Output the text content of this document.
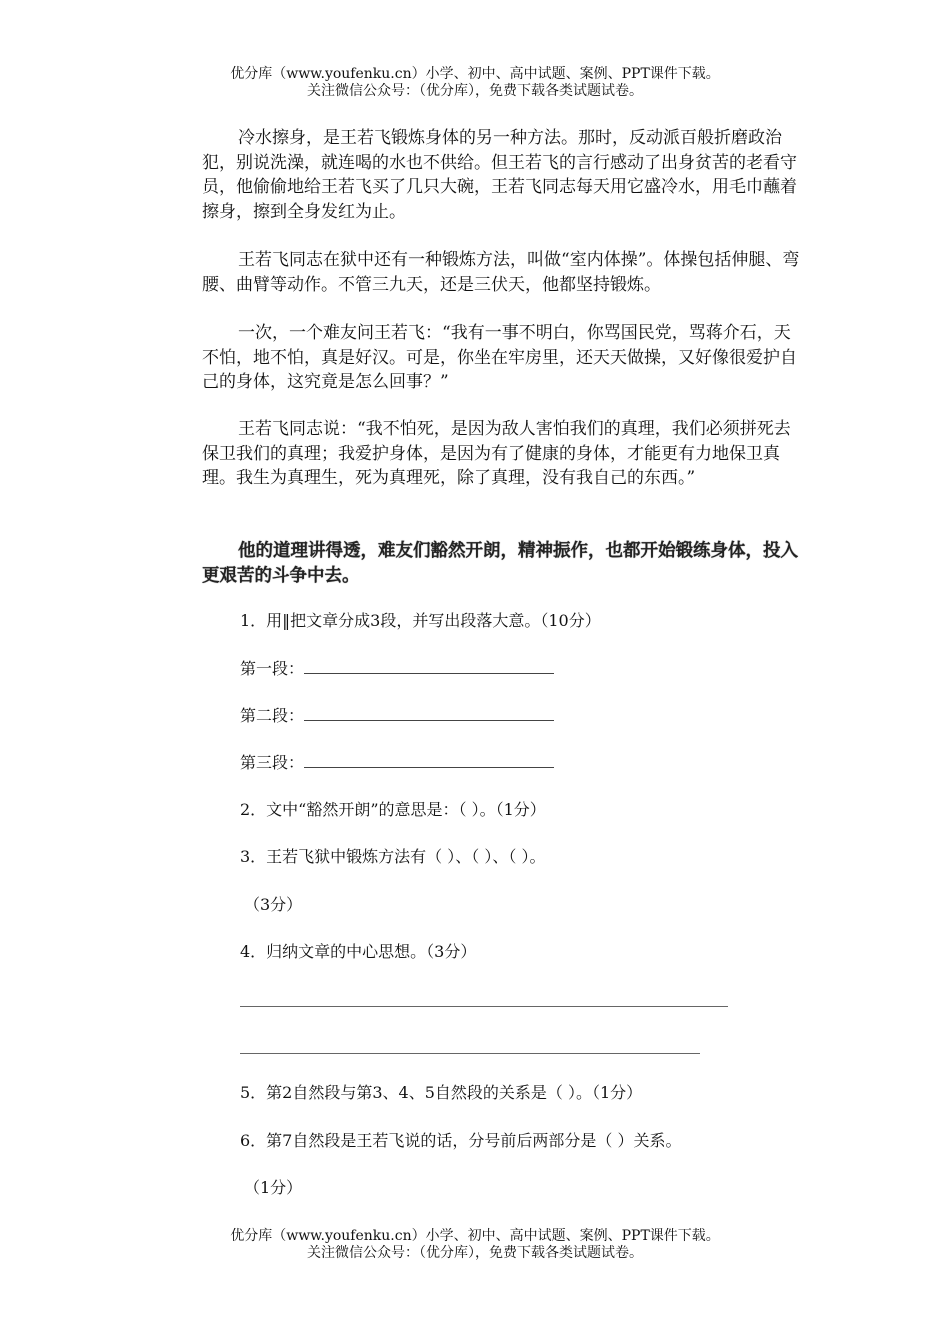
优分库（www.youfenku.cn）小学、初中、高中试题、案例、PPT课件下载。
关注微信公众号：（优分库），免费下载各类试题试卷。

冷水擦身，是王若飞锻炼身体的另一种方法。那时，反动派百般折磨政治犯，别说洗澡，就连喝的水也不供给。但王若飞的言行感动了出身贫苦的老看守员，他偷偷地给王若飞买了几只大碗，王若飞同志每天用它盛冷水，用毛巾蘸着擦身，擦到全身发红为止。

王若飞同志在狱中还有一种锻炼方法，叫做“室内体操”。体操包括伸腿、弯腰、曲臂等动作。不管三九天，还是三伏天，他都坚持锻炼。

一次，一个难友问王若飞：“我有一事不明白，你骂国民党，骂蒋介石，天不怕，地不怕，真是好汉。可是，你坐在牢房里，还天天做操，又好像很爱护自己的身体，这究竟是怎么回事？”

王若飞同志说：“我不怕死，是因为敌人害怕我们的真理，我们必须拼死去保卫我们的真理；我爱护身体，是因为有了健康的身体，才能更有力地保卫真理。我生为真理生，死为真理死，除了真理，没有我自己的东西。”

他的道理讲得透，难友们豁然开朗，精神振作，也都开始锻练身体，投入更艰苦的斗争中去。

1．用‖把文章分成3段，并写出段落大意。（10分）
第一段：
第二段：
第三段：
2．文中“豁然开朗”的意思是：（ ）。（1分）
3．王若飞狱中锻炼方法有（ ）、（ ）、（ ）。
（3分）
4．归纳文章的中心思想。（3分）
5．第2自然段与第3、4、5自然段的关系是（ ）。（1分）
6．第7自然段是王若飞说的话，分号前后两部分是（ ）关系。
（1分）
优分库（www.youfenku.cn）小学、初中、高中试题、案例、PPT课件下载。
关注微信公众号：（优分库），免费下载各类试题试卷。
